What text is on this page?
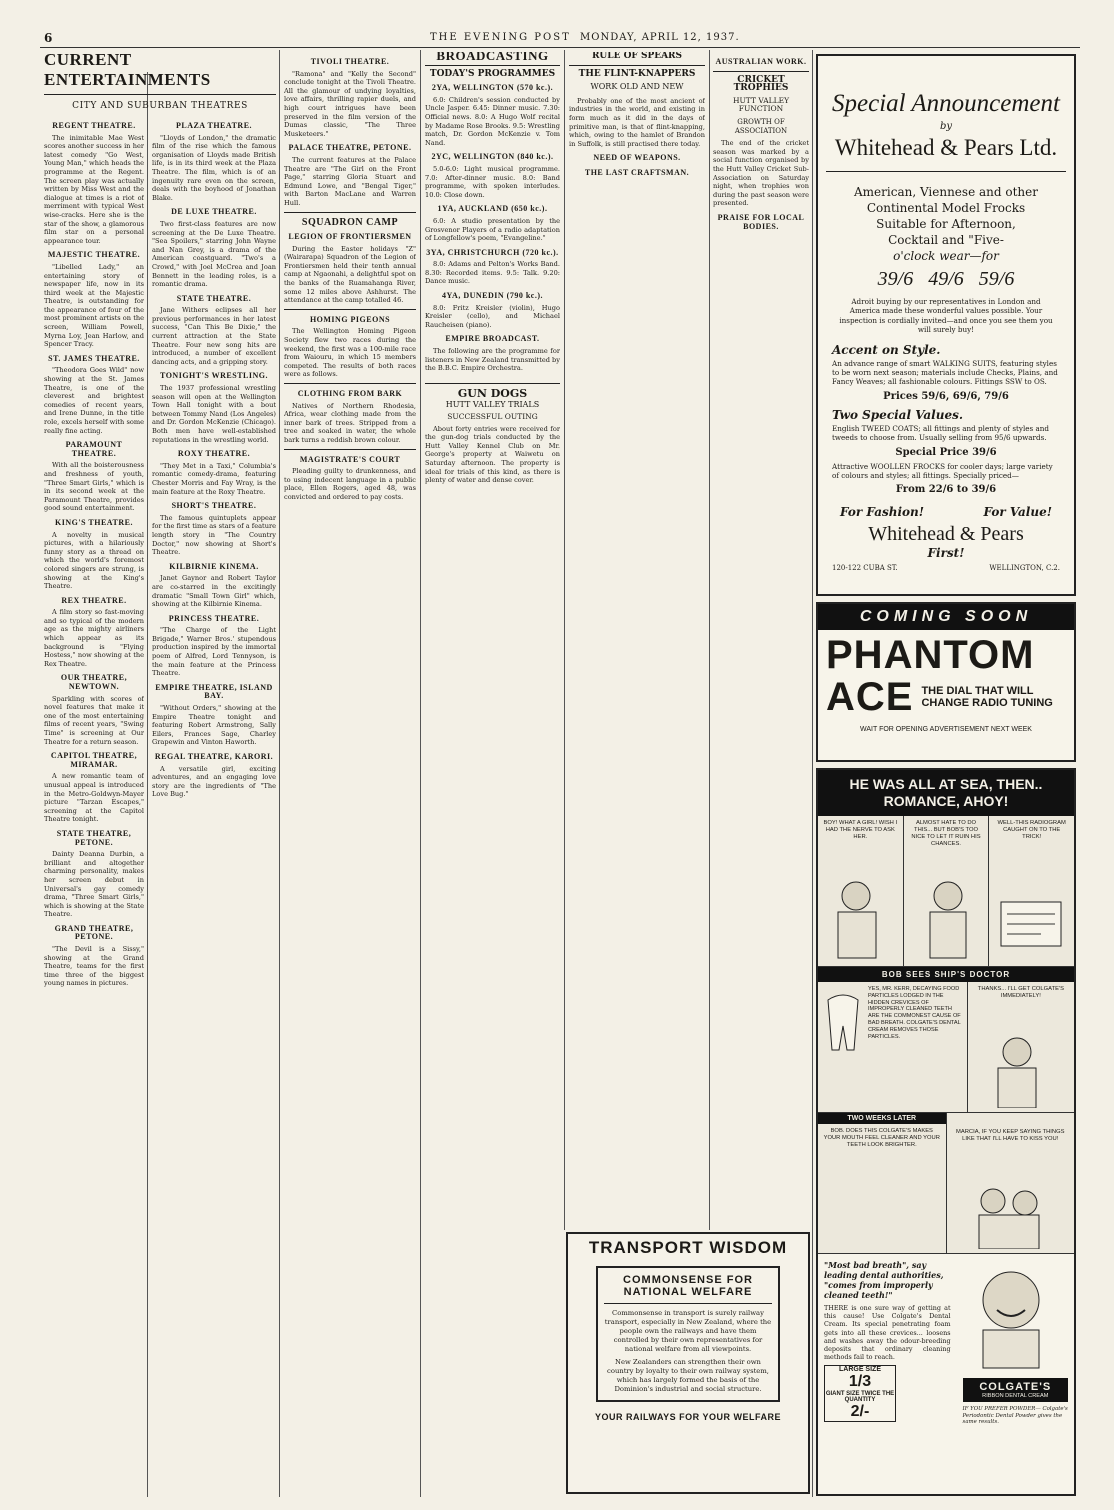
6	THE EVENING POST MONDAY, APRIL 12, 1937.
CURRENT ENTERTAINMENTS
CITY AND SUBURBAN THEATRES
REGENT THEATRE.

The inimitable Mae West scores another success in her latest comedy "Go West, Young Man," which heads the programme at the Regent. The screen play was actually written by Miss West and the dialogue at times is a riot of merriment with typical West wise-cracks. Here she is the star of the show, a glamorous film star on a personal appearance tour.

MAJESTIC THEATRE.

"Libelled Lady," an entertaining story of newspaper life, now in its third week at the Majestic Theatre, is outstanding for the appearance of four of the most prominent artists on the screen, William Powell, Myrna Loy, Jean Harlow, and Spencer Tracy.

ST. JAMES THEATRE.

"Theodora Goes Wild" now showing at the St. James Theatre, is one of the cleverest and brightest comedies of recent years, and Irene Dunne, in the title role, excels herself with some really fine acting.

PARAMOUNT THEATRE.

With all the boisterousness and freshness of youth, "Three Smart Girls," which is in its second week at the Paramount Theatre, provides good sound entertainment.

KING'S THEATRE.

A novelty in musical pictures, with a hilariously funny story as a thread on which the world's foremost colored singers are strung, is showing at the King's Theatre.

REX THEATRE.

A film story so fast-moving and so typical of the modern age as the mighty airliners which appear as its background is "Flying Hostess," now showing at the Rex Theatre.

OUR THEATRE, NEWTOWN.

Sparkling with scores of novel features that make it one of the most entertaining films of recent years, "Swing Time" is screening at Our Theatre for a return season.

CAPITOL THEATRE, MIRAMAR.

A new romantic team of unusual appeal is introduced in the Metro-Goldwyn-Mayer picture "Tarzan Escapes," screening at the Capitol Theatre tonight.

STATE THEATRE, PETONE.

Dainty Deanna Durbin, a brilliant and altogether charming personality, makes her screen debut in Universal's gay comedy drama, "Three Smart Girls," which is showing at the State Theatre.

GRAND THEATRE, PETONE.

"The Devil is a Sissy," showing at the Grand Theatre, teams for the first time three of the biggest young names in pictures.

PLAZA THEATRE.

"Lloyds of London," the dramatic film of the rise which the famous organisation of Lloyds made British life, is in its third week at the Plaza Theatre. The film, which is of an ingenuity rare even on the screen, deals with the boyhood of Jonathan Blake.

DE LUXE THEATRE.

Two first-class features are now screening at the De Luxe Theatre. "Sea Spoilers," starring John Wayne and Nan Grey, is a drama of the American coastguard. "Two's a Crowd," with Joel McCrea and Joan Bennett in the leading roles, is a romantic drama.

STATE THEATRE.

Jane Withers eclipses all her previous performances in her latest success, "Can This Be Dixie," the current attraction at the State Theatre. Four new song hits are introduced, a number of excellent dancing acts, and a gripping story.

TONIGHT'S WRESTLING.

The 1937 professional wrestling season will open at the Wellington Town Hall tonight with a bout between Tommy Nand (Los Angeles) and Dr. Gordon McKenzie (Chicago). Both men have well-established reputations in the wrestling world.

ROXY THEATRE.

"They Met in a Taxi," Columbia's romantic comedy-drama, featuring Chester Morris and Fay Wray, is the main feature at the Roxy Theatre.

SHORT'S THEATRE.

The famous quintuplets appear for the first time as stars of a feature length story in "The Country Doctor," now showing at Short's Theatre.

KILBIRNIE KINEMA.

Janet Gaynor and Robert Taylor are co-starred in the excitingly dramatic "Small Town Girl" which, showing at the Kilbirnie Kinema.

PRINCESS THEATRE.

"The Charge of the Light Brigade," Warner Bros.' stupendous production inspired by the immortal poem of Alfred, Lord Tennyson, is the main feature at the Princess Theatre.

EMPIRE THEATRE, ISLAND BAY.

"Without Orders," showing at the Empire Theatre tonight and featuring Robert Armstrong, Sally Eilers, Frances Sage, Charley Grapewin and Vinton Haworth.

REGAL THEATRE, KARORI.

A versatile girl, exciting adventures, and an engaging love story are the ingredients of "The Love Bug."

TIVOLI THEATRE.

"Ramona" and "Kelly the Second" conclude tonight at the Tivoli Theatre. All the glamour of undying loyalties, love affairs, thrilling rapier duels, and high court intrigues have been preserved in the film version of the Dumas classic, "The Three Musketeers."

PALACE THEATRE, PETONE.

The current features at the Palace Theatre are "The Girl on the Front Page," starring Gloria Stuart and Edmund Lowe, and "Bengal Tiger," with Barton MacLane and Warren Hull.

SQUADRON CAMP
LEGION OF FRONTIERSMEN

During the Easter holidays "Z" (Wairarapa) Squadron of the Legion of Frontiersmen held their tenth annual camp at Ngaonahi, a delightful spot on the banks of the Ruamahanga River, some 12 miles above Ashhurst. The attendance at the camp totalled 46.

HOMING PIGEONS

The Wellington Homing Pigeon Society flew two races during the weekend, the first was a 100-mile race from Waiouru, in which 15 members competed. The results of both races were as follows.

CLOTHING FROM BARK

Natives of Northern Rhodesia, Africa, wear clothing made from the inner bark of trees. Stripped from a tree and soaked in water, the whole bark turns a reddish brown colour.

MAGISTRATE'S COURT

Pleading guilty to drunkenness, and to using indecent language in a public place, Ellen Rogers, aged 48, was convicted and ordered to pay costs.

BROADCASTING
TODAY'S PROGRAMMES
2YA, WELLINGTON (570 kc.).

6.0: Children's session conducted by Uncle Jasper. 6.45: Dinner music. 7.30: Official news. 8.0: A Hugo Wolf recital by Madame Rose Brooks. 9.5: Wrestling match, Dr. Gordon McKenzie v. Tom Nand.

2YC, WELLINGTON (840 kc.).

5.0-6.0: Light musical programme. 7.0: After-dinner music. 8.0: Band programme, with spoken interludes. 10.0: Close down.

1YA, AUCKLAND (650 kc.).

6.0: A studio presentation by the Grosvenor Players of a radio adaptation of Longfellow's poem, "Evangeline."

3YA, CHRISTCHURCH (720 kc.).

8.0: Adams and Pelton's Works Band. 8.30: Recorded items. 9.5: Talk. 9.20: Dance music.

4YA, DUNEDIN (790 kc.).

8.0: Fritz Kreisler (violin), Hugo Kreisler (cello), and Michael Raucheisen (piano).

EMPIRE BROADCAST.

The following are the programme for listeners in New Zealand transmitted by the B.B.C. Empire Orchestra.

GUN DOGS
HUTT VALLEY TRIALS
SUCCESSFUL OUTING

About forty entries were received for the gun-dog trials conducted by the Hutt Valley Kennel Club on Mr. George's property at Waiwetu on Saturday afternoon. The property is ideal for trials of this kind, as there is plenty of water and dense cover.

RULE OF SPEARS
THE FLINT-KNAPPERS
WORK OLD AND NEW

Probably one of the most ancient of industries in the world, and existing in form much as it did in the days of primitive man, is that of flint-knapping, which, owing to the hamlet of Brandon in Suffolk, is still practised there today.

NEED OF WEAPONS.
THE LAST CRAFTSMAN.
AUSTRALIAN WORK.
CRICKET TROPHIES
HUTT VALLEY FUNCTION
GROWTH OF ASSOCIATION

The end of the cricket season was marked by a social function organised by the Hutt Valley Cricket Sub-Association on Saturday night, when trophies won during the past season were presented.

PRAISE FOR LOCAL BODIES.
TRANSPORT WISDOM
COMMONSENSE FOR
NATIONAL WELFARE

Commonsense in transport is surely railway transport, especially in New Zealand, where the people own the railways and have them controlled by their own representatives for national welfare from all viewpoints.

New Zealanders can strengthen their own country by loyalty to their own railway system, which has largely formed the basis of the Dominion's industrial and social structure.

YOUR RAILWAYS FOR YOUR WELFARE
Special Announcement
by
Whitehead & Pears Ltd.
American, Viennese and other
Continental Model Frocks
Suitable for Afternoon,
Cocktail and "Five-
o'clock wear—for
39/6 49/6 59/6

Adroit buying by our representatives in London and America made these wonderful values possible. Your inspection is cordially invited—and once you see them you will surely buy!

Accent on Style.

An advance range of smart WALKING SUITS, featuring styles to be worn next season; materials include Checks, Plains, and Fancy Weaves; all fashionable colours. Fittings SSW to OS.

Prices 59/6, 69/6, 79/6
Two Special Values.

English TWEED COATS; all fittings and plenty of styles and tweeds to choose from. Usually selling from 95/6 upwards.

Special Price 39/6

Attractive WOOLLEN FROCKS for cooler days; large variety of colours and styles; all fittings. Specially priced—

From 22/6 to 39/6
For Fashion!	For Value!
Whitehead & Pears
First!
120-122 CUBA ST.	WELLINGTON, C.2.
COMING SOON
PHANTOM
ACE THE DIAL THAT WILL
CHANGE RADIO TUNING
WAIT FOR OPENING ADVERTISEMENT NEXT WEEK
HE WAS ALL AT SEA, THEN.. ROMANCE, AHOY!

BOY! WHAT A GIRL! WISH I HAD THE NERVE TO ASK HER.

ALMOST HATE TO DO THIS... BUT BOB'S TOO NICE TO LET IT RUIN HIS CHANCES.

WELL-THIS RADIOGRAM CAUGHT ON TO THE TRICK!

BOB SEES SHIP'S DOCTOR

YES, MR. KERR, DECAYING FOOD PARTICLES LODGED IN THE HIDDEN CREVICES OF IMPROPERLY CLEANED TEETH ARE THE COMMONEST CAUSE OF BAD BREATH. COLGATE'S DENTAL CREAM REMOVES THOSE PARTICLES.

THANKS... I'LL GET COLGATE'S IMMEDIATELY!

TWO WEEKS LATER

BOB. DOES THIS COLGATE'S MAKES YOUR MOUTH FEEL CLEANER AND YOUR TEETH LOOK BRIGHTER.

MARCIA, IF YOU KEEP SAYING THINGS LIKE THAT I'LL HAVE TO KISS YOU!

"Most bad breath", say leading dental authorities, "comes from improperly cleaned teeth!"

THERE is one sure way of getting at this cause! Use Colgate's Dental Cream. Its special penetrating foam gets into all these crevices... loosens and washes away the odour-breeding deposits that ordinary cleaning methods fail to reach.

LARGE SIZE
1/3
GIANT SIZE TWICE THE QUANTITY
2/-
COLGATE'S
RIBBON DENTAL CREAM

IF YOU PREFER POWDER— Colgate's Periodontic Dental Powder gives the same results.
